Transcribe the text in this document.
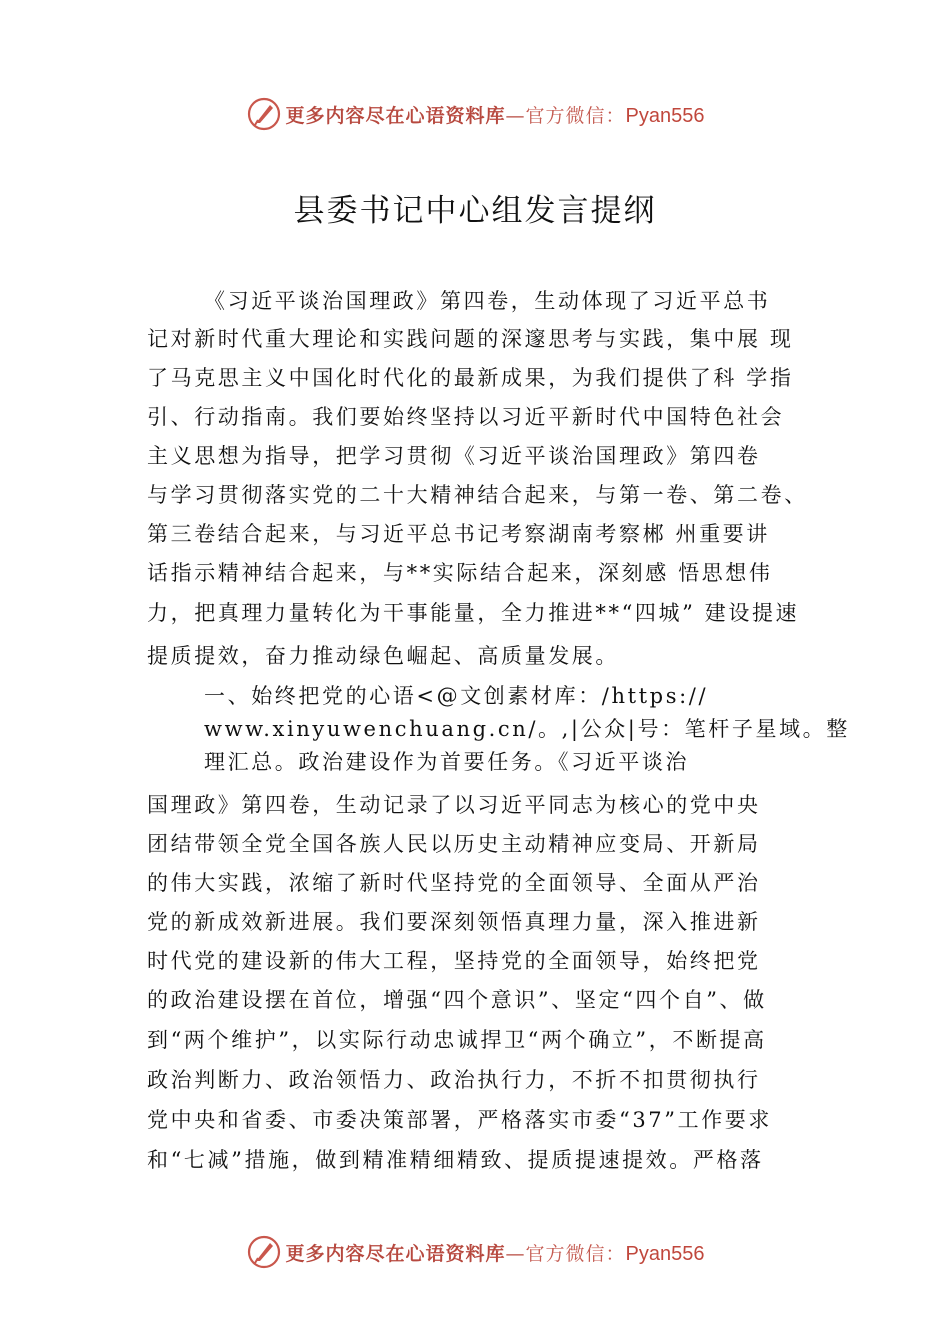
更多内容尽在心语资料库—官方微信：Pyan556
县委书记中心组发言提纲
《习近平谈治国理政》第四卷，生动体现了习近平总书
记对新时代重大理论和实践问题的深邃思考与实践，集中展 现
了马克思主义中国化时代化的最新成果，为我们提供了科 学指
引、行动指南。我们要始终坚持以习近平新时代中国特色社会
主义思想为指导，把学习贯彻《习近平谈治国理政》第四卷
与学习贯彻落实党的二十大精神结合起来，与第一卷、第二卷、
第三卷结合起来，与习近平总书记考察湖南考察郴 州重要讲
话指示精神结合起来，与**实际结合起来，深刻感 悟思想伟
力，把真理力量转化为干事能量，全力推进**“四城” 建设提速
提质提效，奋力推动绿色崛起、高质量发展。
一、始终把党的心语<@文创素材库：/https://
www.xinyuwenchuang.cn/。,|公众|号：笔杆子星域。整
理汇总。政治建设作为首要任务。《习近平谈治
国理政》第四卷，生动记录了以习近平同志为核心的党中央
团结带领全党全国各族人民以历史主动精神应变局、开新局
的伟大实践，浓缩了新时代坚持党的全面领导、全面从严治
党的新成效新进展。我们要深刻领悟真理力量，深入推进新
时代党的建设新的伟大工程，坚持党的全面领导，始终把党
的政治建设摆在首位，增强“四个意识”、坚定“四个自”、做
到“两个维护”，以实际行动忠诚捍卫“两个确立”，不断提高
政治判断力、政治领悟力、政治执行力，不折不扣贯彻执行
党中央和省委、市委决策部署，严格落实市委“37”工作要求
和“七减”措施，做到精准精细精致、提质提速提效。严格落
更多内容尽在心语资料库—官方微信：Pyan556
